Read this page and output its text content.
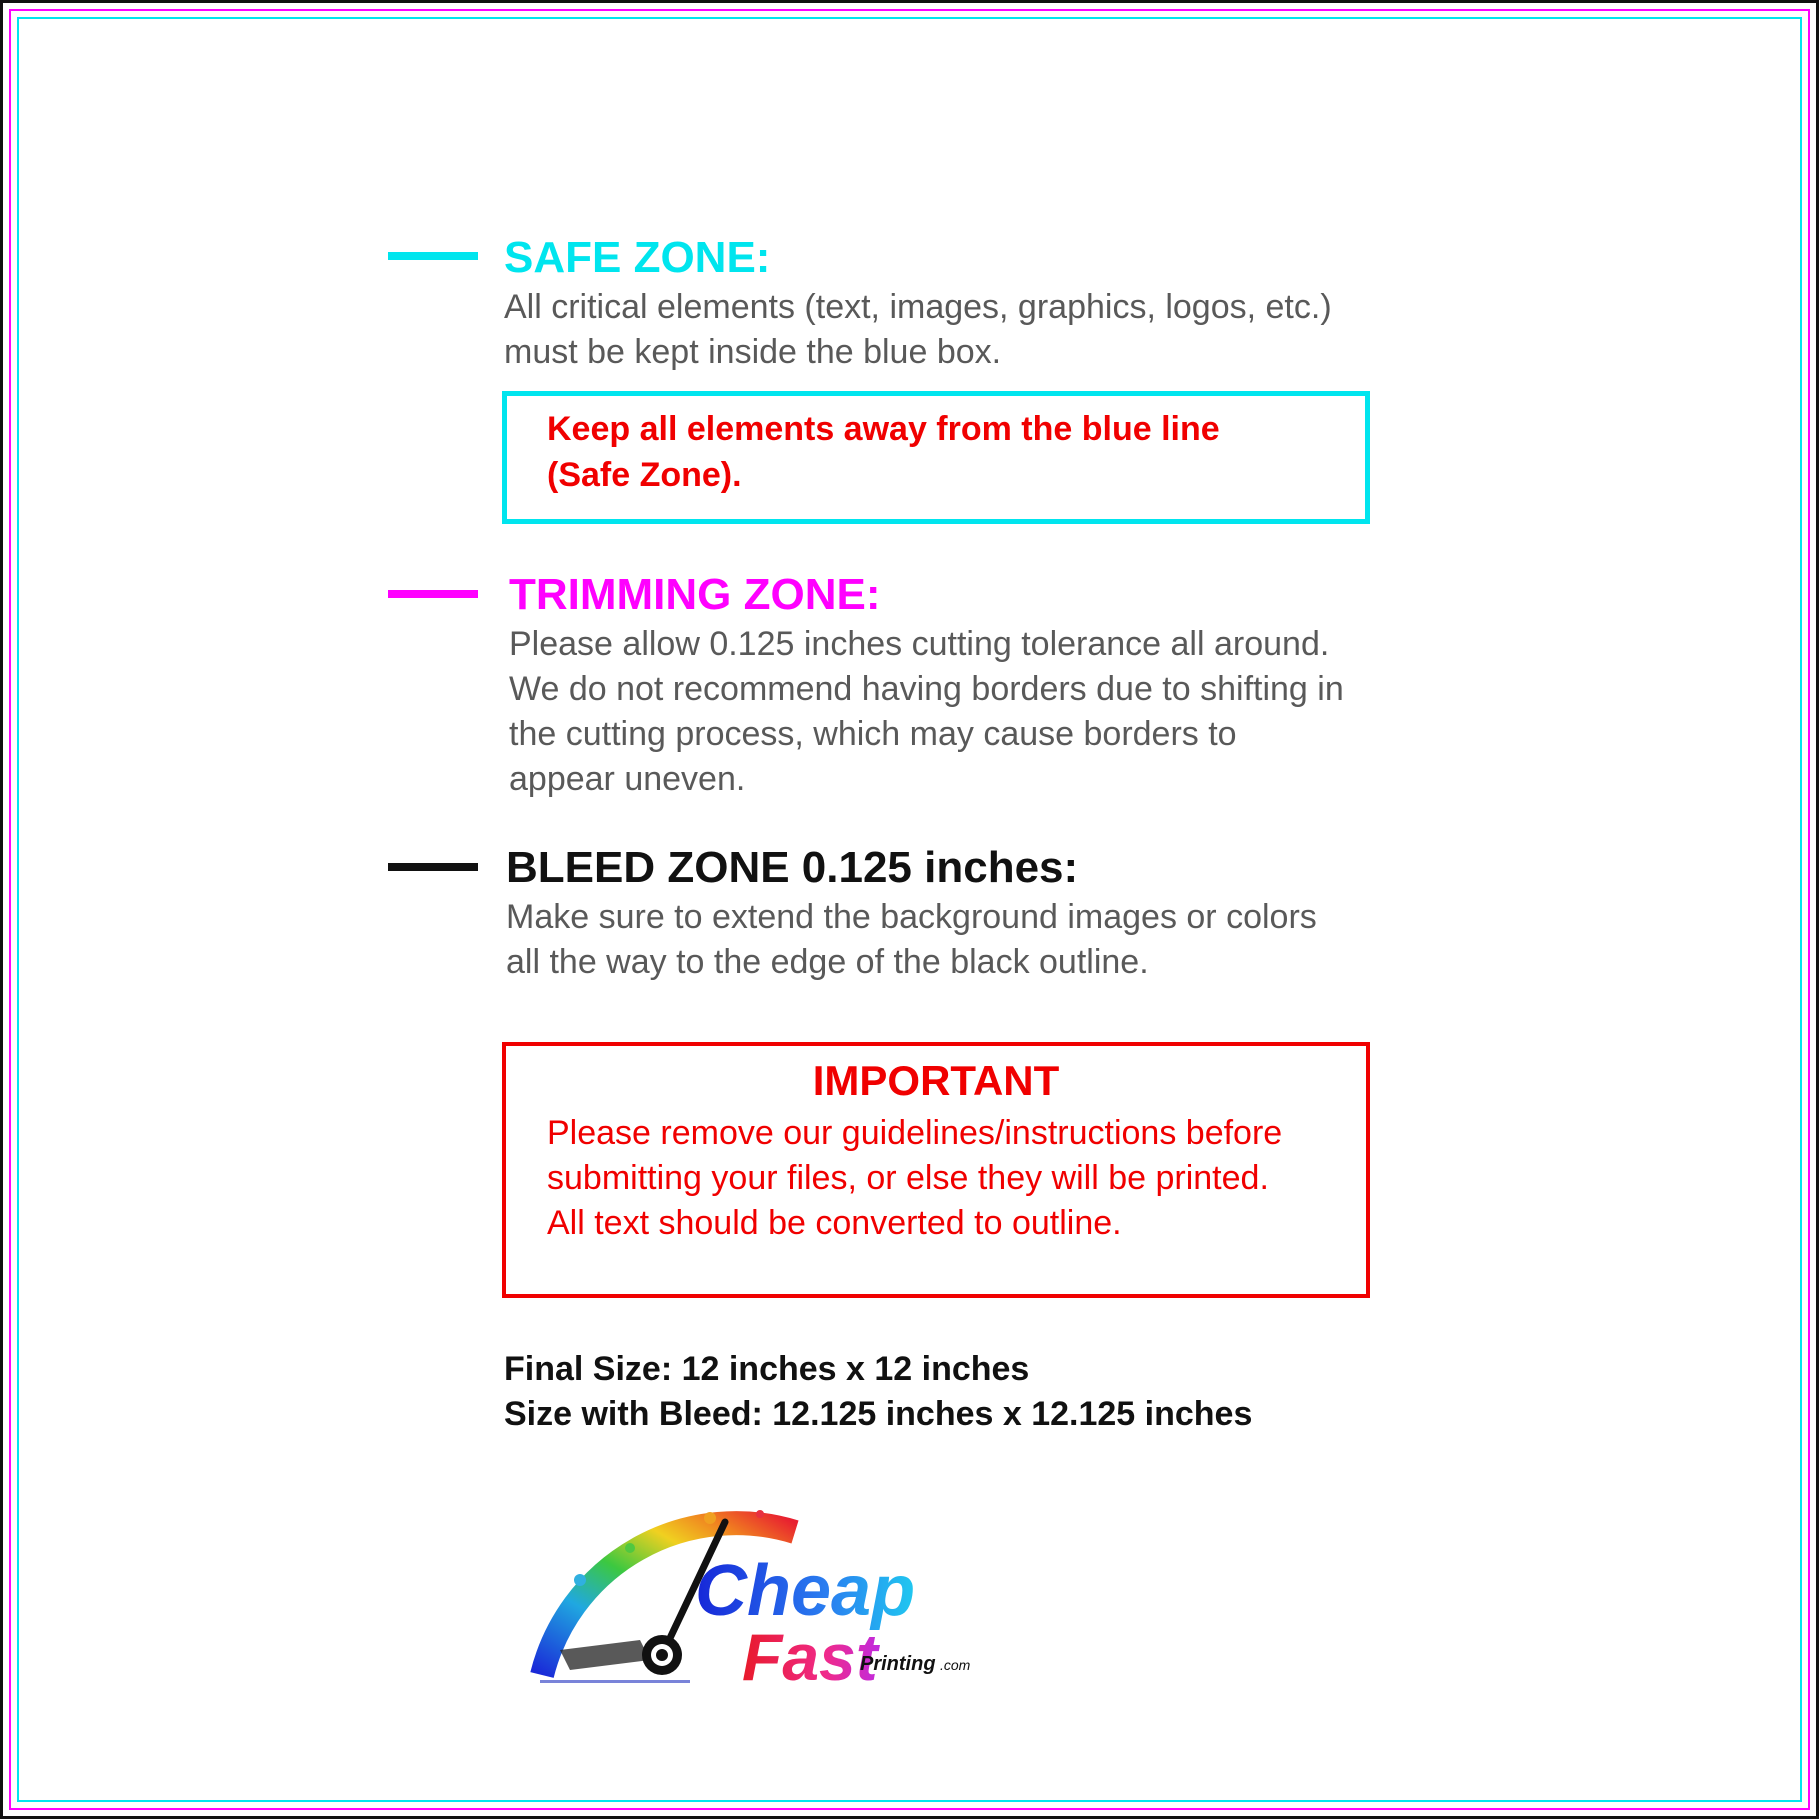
SAFE ZONE:

All critical elements (text, images, graphics, logos, etc.)
must be kept inside the blue box.

Keep all elements away from the blue line
(Safe Zone).
TRIMMING ZONE:

Please allow 0.125 inches cutting tolerance all around.
We do not recommend having borders due to shifting in
the cutting process, which may cause borders to
appear uneven.

BLEED ZONE 0.125 inches:

Make sure to extend the background images or colors
all the way to the edge of the black outline.

IMPORTANT
Please remove our guidelines/instructions before
submitting your files, or else they will be printed.
All text should be converted to outline.

Final Size: 12 inches x 12 inches
Size with Bleed: 12.125 inches x 12.125 inches

Cheap
Fast
Printing .com
